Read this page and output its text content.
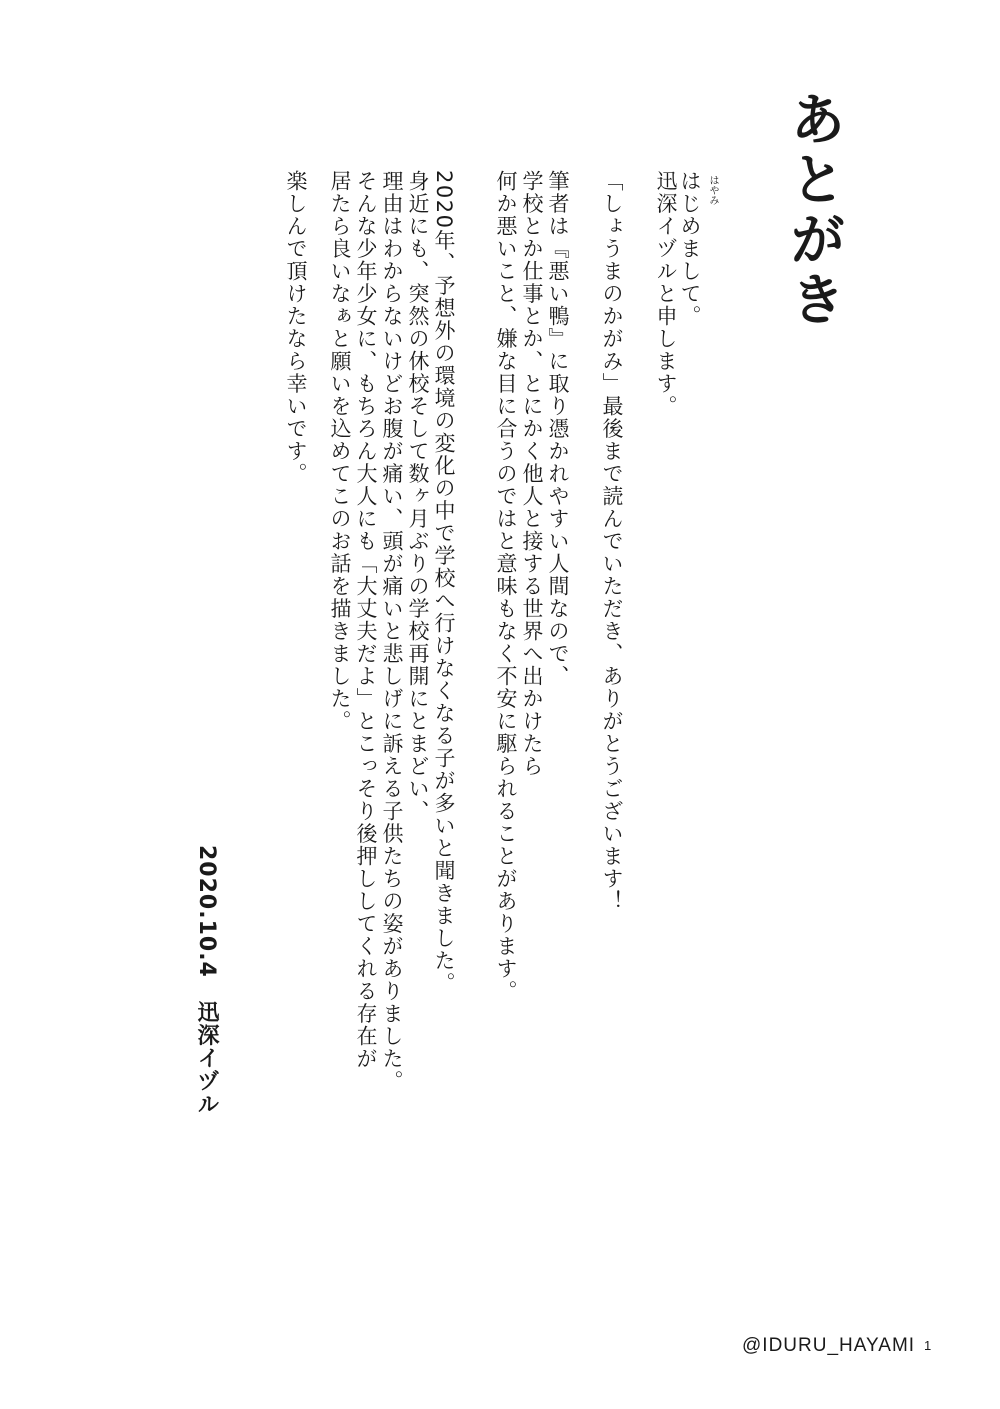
あとがき
はやみ
はじめまして。
迅深イヅルと申します。
「しょうまのかがみ」最後まで読んでいただき、ありがとうございます！
筆者は『悪い鴨』に取り憑かれやすい人間なので、
学校とか仕事とか、とにかく他人と接する世界へ出かけたら
何か悪いこと、嫌な目に合うのではと意味もなく不安に駆られることがあります。
2020年、予想外の環境の変化の中で学校へ行けなくなる子が多いと聞きました。
身近にも、突然の休校そして数ヶ月ぶりの学校再開にとまどい、
理由はわからないけどお腹が痛い、頭が痛いと悲しげに訴える子供たちの姿がありました。
そんな少年少女に、もちろん大人にも「大丈夫だよ」とこっそり後押ししてくれる存在が
居たら良いなぁと願いを込めてこのお話を描きました。
楽しんで頂けたなら幸いです。
2020.10.4　迅深イヅル
@IDURU_HAYAMI 1
